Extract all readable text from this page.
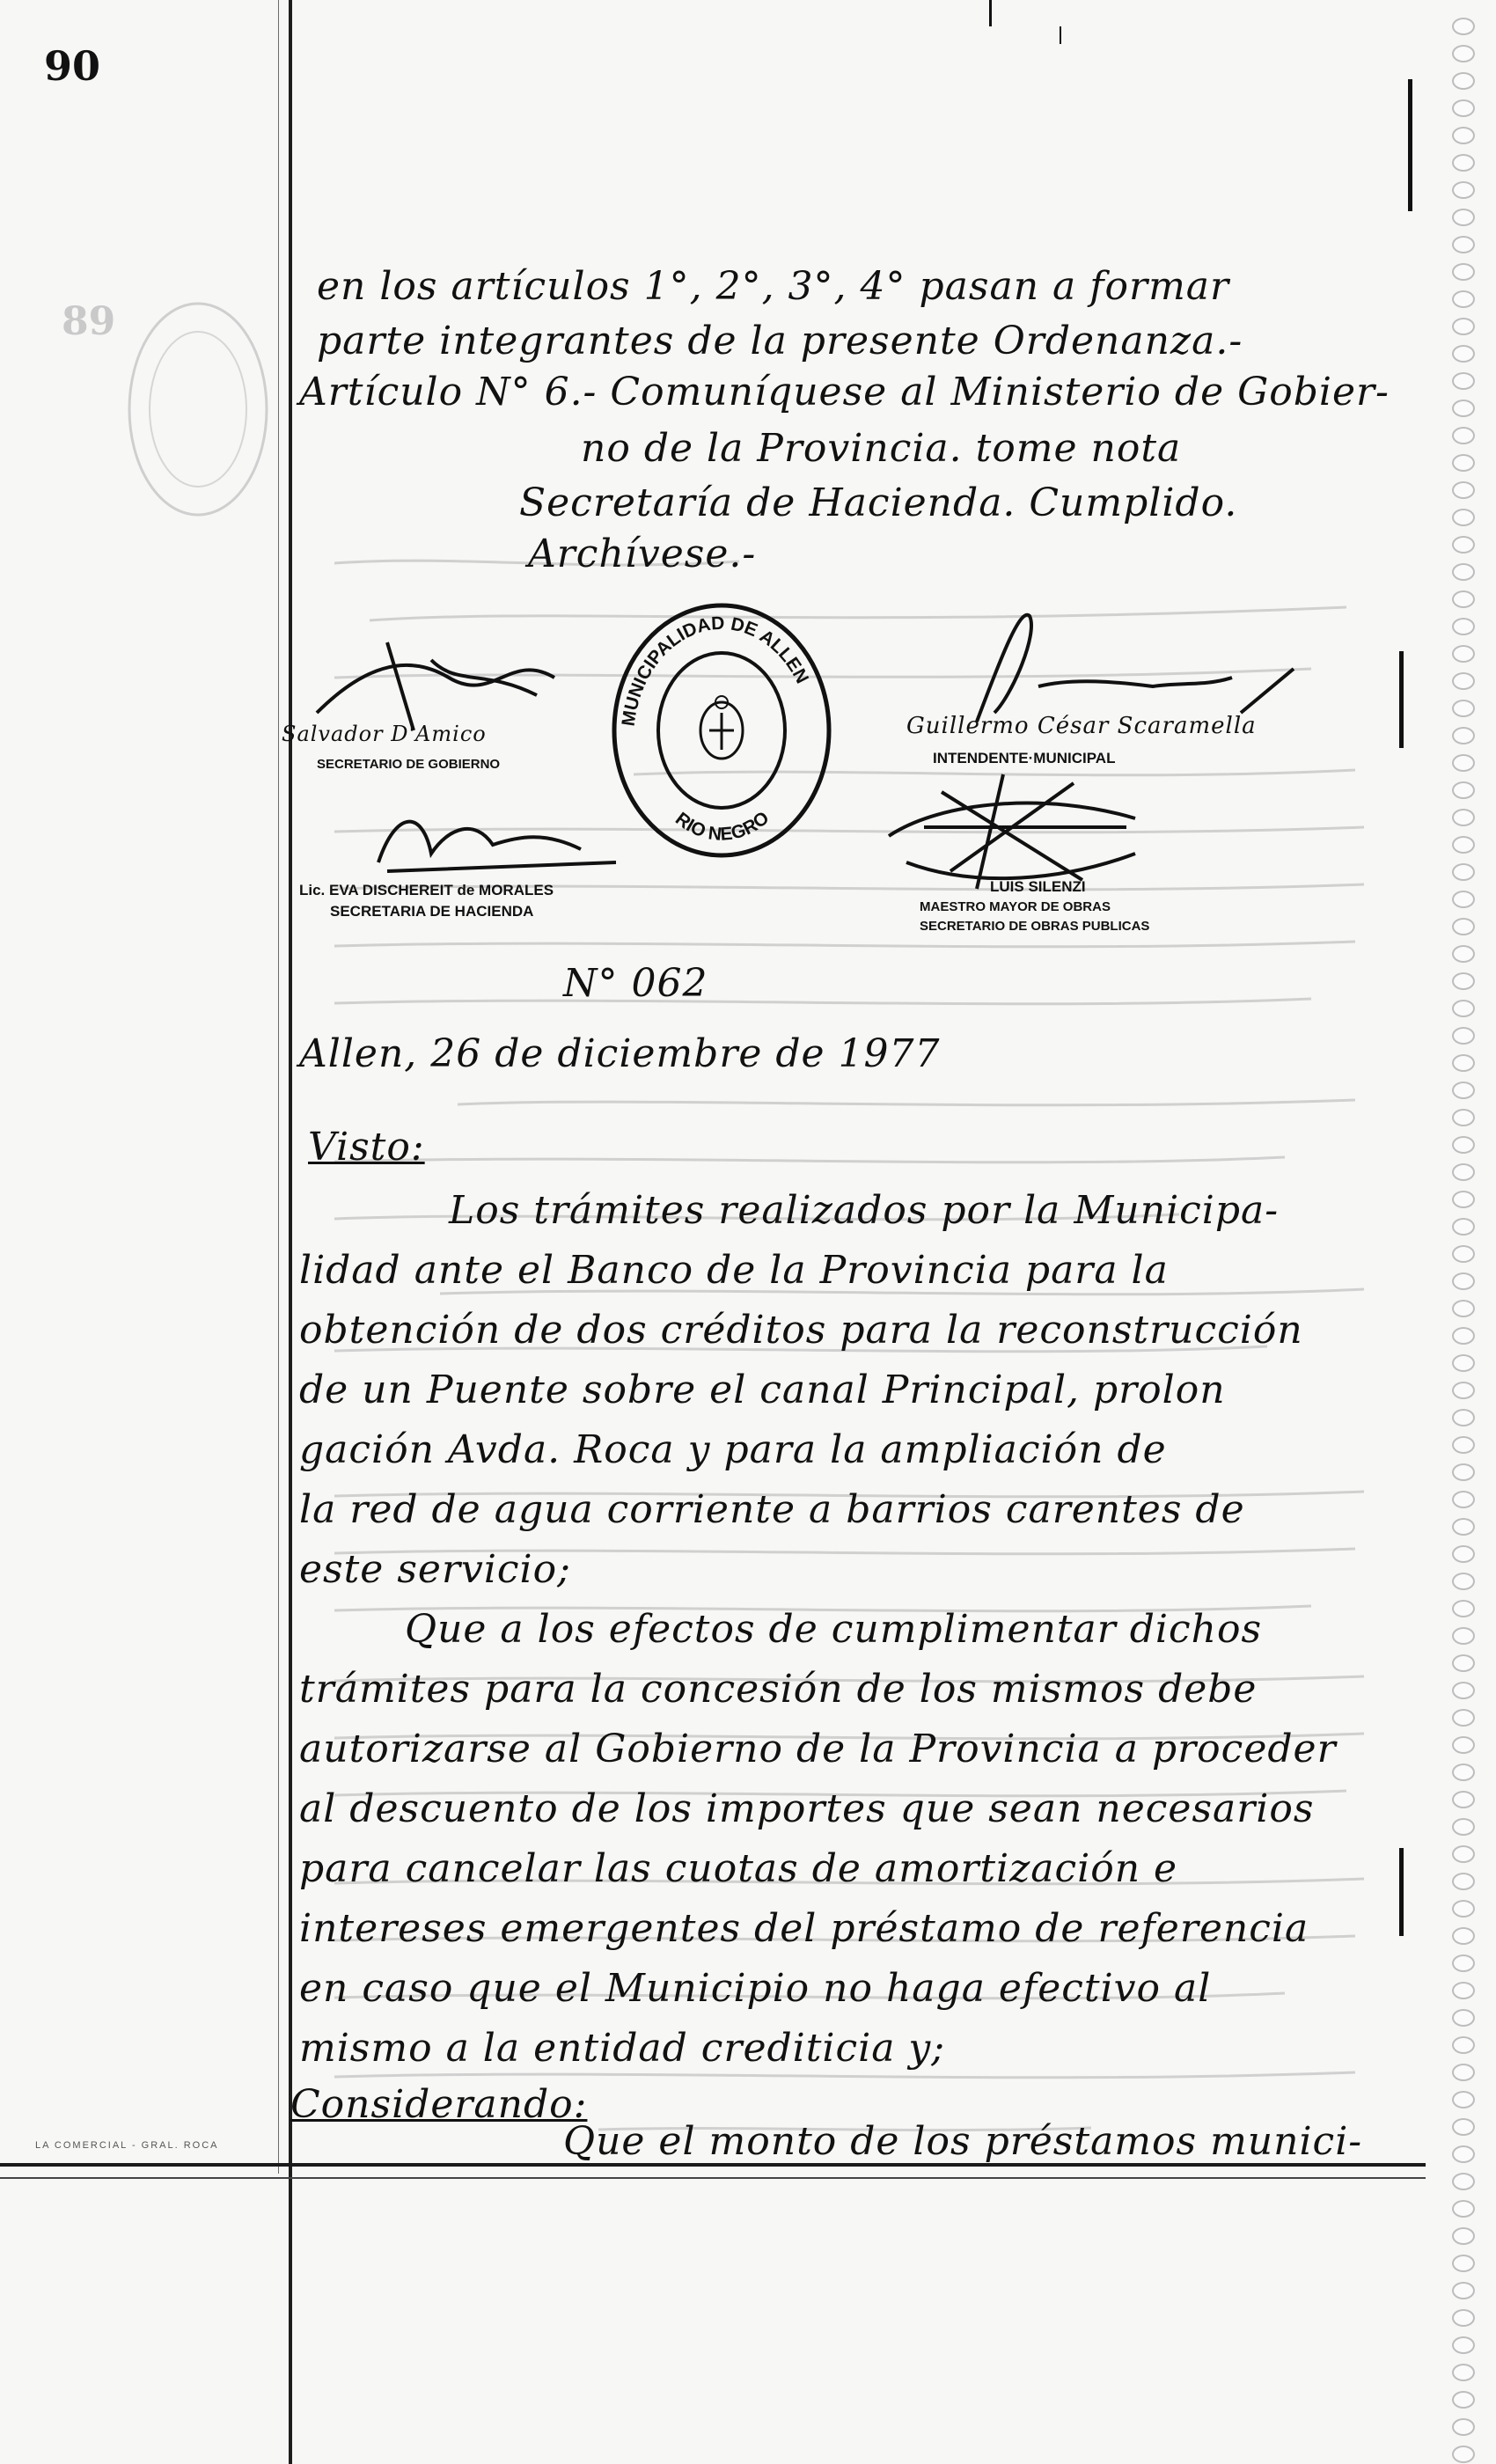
89
90
en los artículos 1°, 2°, 3°, 4° pasan a formar
parte integrantes de la presente Ordenanza.-
Artículo N° 6.- Comuníquese al Ministerio de Gobier-
no de la Provincia. tome nota
Secretaría de Hacienda. Cumplido.
Archívese.-
Salvador D'Amico
SECRETARIO DE GOBIERNO
Lic. EVA DISCHEREIT de MORALES
SECRETARIA DE HACIENDA
MUNICIPALIDAD DE ALLEN
RIO NEGRO
Guillermo César Scaramella
INTENDENTE·MUNICIPAL
LUIS SILENZI
MAESTRO MAYOR DE OBRAS
SECRETARIO DE OBRAS PUBLICAS
N° 062
Allen, 26 de diciembre de 1977
Visto:
Los trámites realizados por la Municipa-
lidad ante el Banco de la Provincia para la
obtención de dos créditos para la reconstrucción
de un Puente sobre el canal Principal, prolon
gación Avda. Roca y para la ampliación de
la red de agua corriente a barrios carentes de
este servicio;
Que a los efectos de cumplimentar dichos
trámites para la concesión de los mismos debe
autorizarse al Gobierno de la Provincia a proceder
al descuento de los importes que sean necesarios
para cancelar las cuotas de amortización e
intereses emergentes del préstamo de referencia
en caso que el Municipio no haga efectivo al
mismo a la entidad crediticia y;
Considerando:
Que el monto de los préstamos munici-
LA COMERCIAL - GRAL. ROCA
